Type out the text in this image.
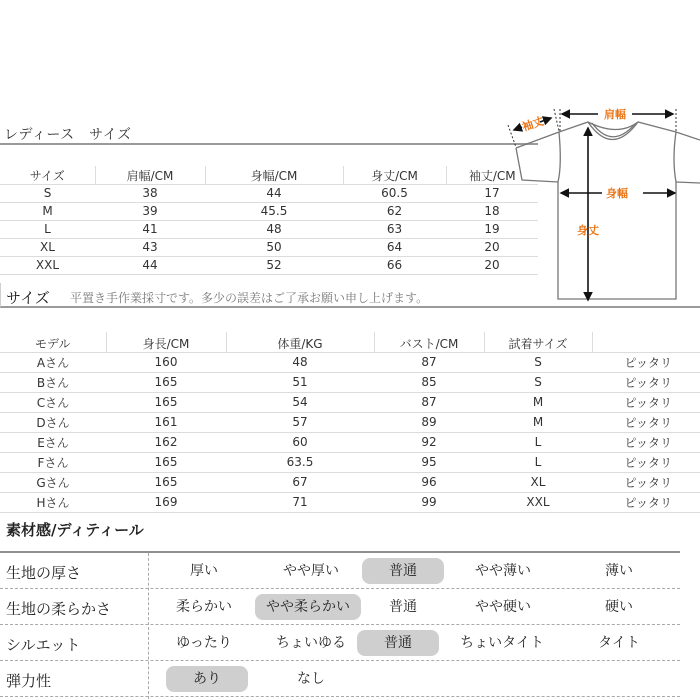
レディース　サイズ
サイズ	肩幅/CM	身幅/CM	身丈/CM	袖丈/CM
S	38	44	60.5	17
M	39	45.5	62	18
L	41	48	63	19
XL	43	50	64	20
XXL	44	52	66	20
肩幅
身幅
身丈
袖丈
サイズ 平置き手作業採寸です。多少の誤差はご了承お願い申し上げます。
モデル	身長/CM	体重/KG	バスト/CM	試着サイズ	
Aさん	160	48	87	S	ピッタリ
Bさん	165	51	85	S	ピッタリ
Cさん	165	54	87	M	ピッタリ
Dさん	161	57	89	M	ピッタリ
Eさん	162	60	92	L	ピッタリ
Fさん	165	63.5	95	L	ピッタリ
Gさん	165	67	96	XL	ピッタリ
Hさん	169	71	99	XXL	ピッタリ
素材感/ディティール
生地の厚さ	厚い	やや厚い	普通	やや薄い	薄い
生地の柔らかさ	柔らかい	やや柔らかい	普通	やや硬い	硬い
シルエット	ゆったり	ちょいゆる	普通	ちょいタイト	タイト
弾力性	あり	なし
